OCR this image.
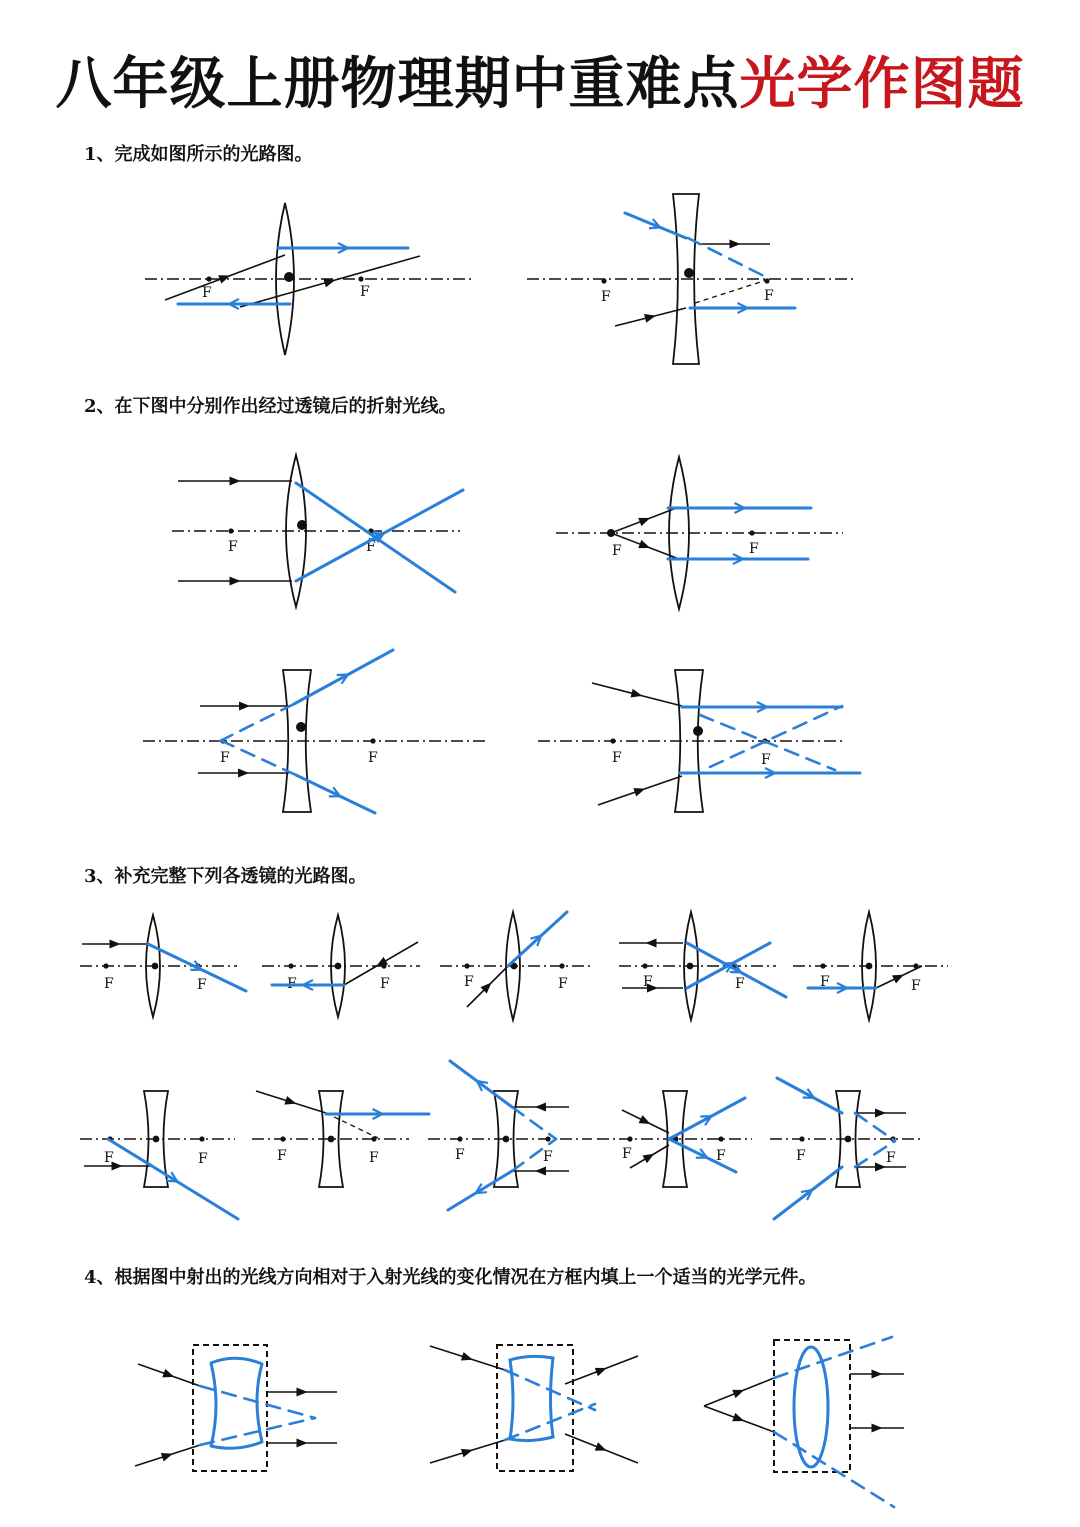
八年级上册物理期中重难点光学作图题
1、完成如图所示的光路图。
2、在下图中分别作出经过透镜后的折射光线。
3、补充完整下列各透镜的光路图。
4、根据图中射出的光线方向相对于入射光线的变化情况在方框内填上一个适当的光学元件。
F	F	F	F
F	F	F	F
F	F	F	F
F	F	F	F	F	F	F	F	F	F
F	F	F	F	F	F	F	F	F	F
